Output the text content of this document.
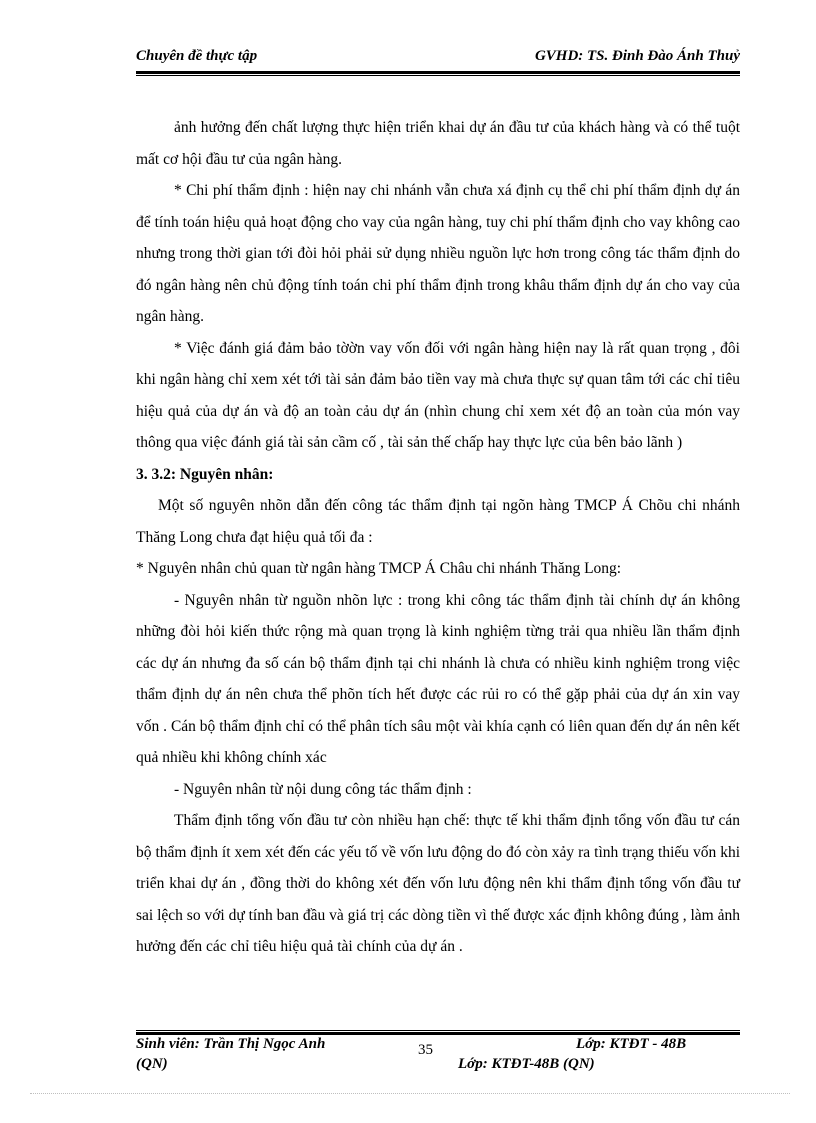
Chuyên đề thực tập	GVHD: TS. Đinh Đào Ánh Thuỷ

ảnh hưởng đến chất lượng thực hiện triển khai dự án đầu tư của khách hàng và có thể tuột mất cơ hội đầu tư của ngân hàng.

* Chi phí thẩm định : hiện nay chi nhánh vẫn chưa xá định cụ thể chi phí thẩm định dự án để tính toán hiệu quả hoạt động cho vay của ngân hàng, tuy chi phí thẩm định cho vay không cao nhưng trong thời gian tới đòi hỏi phải sử dụng nhiều nguồn lực hơn trong công tác thẩm định do đó ngân hàng nên chủ động tính toán chi phí thẩm định trong khâu thẩm định dự án cho vay của ngân hàng.

* Việc đánh giá đảm bảo tờờn vay vốn đối với ngân hàng hiện nay là rất quan trọng , đôi khi ngân hàng chỉ xem xét tới tài sản đảm bảo tiền vay mà chưa thực sự quan tâm tới các chỉ tiêu hiệu quả của dự án và độ an toàn cảu dự án (nhìn chung chỉ xem xét độ an toàn của món vay thông qua việc đánh giá tài sản cầm cố , tài sản thế chấp hay thực lực của bên bảo lãnh )

3. 3.2: Nguyên nhân:

Một số nguyên nhõn dẫn đến công tác thẩm định tại ngõn hàng TMCP Á Chõu chi nhánh Thăng Long chưa đạt hiệu quả tối đa :

* Nguyên nhân chủ quan từ ngân hàng TMCP Á Châu chi nhánh Thăng Long:

- Nguyên nhân từ nguồn nhõn lực : trong khi công tác thẩm định tài chính dự án không những đòi hỏi kiến thức rộng mà quan trọng là kinh nghiệm từng trải qua nhiều lần thẩm định các dự án nhưng đa số cán bộ thẩm định tại chi nhánh là chưa có nhiều kinh nghiệm trong việc thẩm định dự án nên chưa thể phõn tích hết được các rủi ro có thể gặp phải của dự án xin vay vốn . Cán bộ thẩm định chỉ có thể phân tích sâu một vài khía cạnh có liên quan đến dự án nên kết quả nhiều khi không chính xác

- Nguyên nhân từ nội dung công tác thẩm định :

Thẩm định tổng vốn đầu tư còn nhiều hạn chế: thực tế khi thẩm định tổng vốn đầu tư cán bộ thẩm định ít xem xét đến các yếu tố về vốn lưu động do đó còn xảy ra tình trạng thiếu vốn khi triển khai dự án , đồng thời do không xét đến vốn lưu động nên khi thẩm định tổng vốn đầu tư sai lệch so với dự tính ban đầu và giá trị các dòng tiền vì thế được xác định không đúng , làm ảnh hưởng đến các chỉ tiêu hiệu quả tài chính của dự án .

Sinh viên: Trần Thị Ngọc Anh
(QN)
35	Lớp: KTĐT - 48B
Lớp: KTĐT-48B (QN)
